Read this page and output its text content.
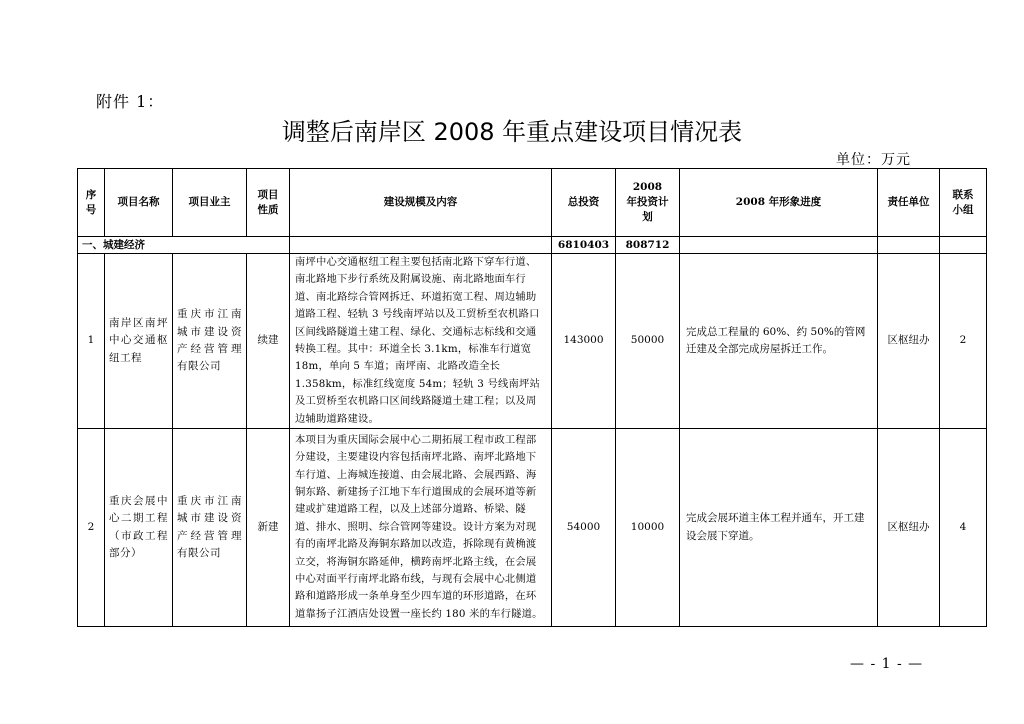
附件 1：
调整后南岸区 2008 年重点建设项目情况表
单位：万元
序号	项目名称	项目业主	项目性质	建设规模及内容	总投资	2008 年投资计划	2008 年形象进度	责任单位	联系小组
一、城建经济					6810403	808712			
1	南岸区南坪中心交通枢纽工程	重庆市江南城市建设资产经营管理有限公司	续建	南坪中心交通枢纽工程主要包括南北路下穿车行道、南北路地下步行系统及附属设施、南北路地面车行道、南北路综合管网拆迁、环道拓宽工程、周边辅助道路工程、轻轨 3 号线南坪站以及工贸桥至农机路口区间线路隧道土建工程、绿化、交通标志标线和交通转换工程。其中：环道全长 3.1km，标准车行道宽 18m，单向 5 车道；南坪南、北路改造全长 1.358km，标准红线宽度 54m；轻轨 3 号线南坪站及工贸桥至农机路口区间线路隧道土建工程；以及周边辅助道路建设。	143000	50000	完成总工程量的 60%、约 50%的管网迁建及全部完成房屋拆迁工作。	区枢纽办	2
2	重庆会展中心二期工程（市政工程部分）	重庆市江南城市建设资产经营管理有限公司	新建	本项目为重庆国际会展中心二期拓展工程市政工程部分建设，主要建设内容包括南坪北路、南坪北路地下车行道、上海城连接道、由会展北路、会展西路、海铜东路、新建扬子江地下车行道围成的会展环道等新建或扩建道路工程，以及上述部分道路、桥梁、隧道、排水、照明、综合管网等建设。设计方案为对现有的南坪北路及海铜东路加以改造，拆除现有黄桷渡立交，将海铜东路延伸，横跨南坪北路主线，在会展中心对面平行南坪北路布线，与现有会展中心北侧道路和道路形成一条单身至少四车道的环形道路，在环道靠扬子江酒店处设置一座长约 180 米的车行隧道。	54000	10000	完成会展环道主体工程并通车，开工建设会展下穿道。	区枢纽办	4
— - 1 - —
